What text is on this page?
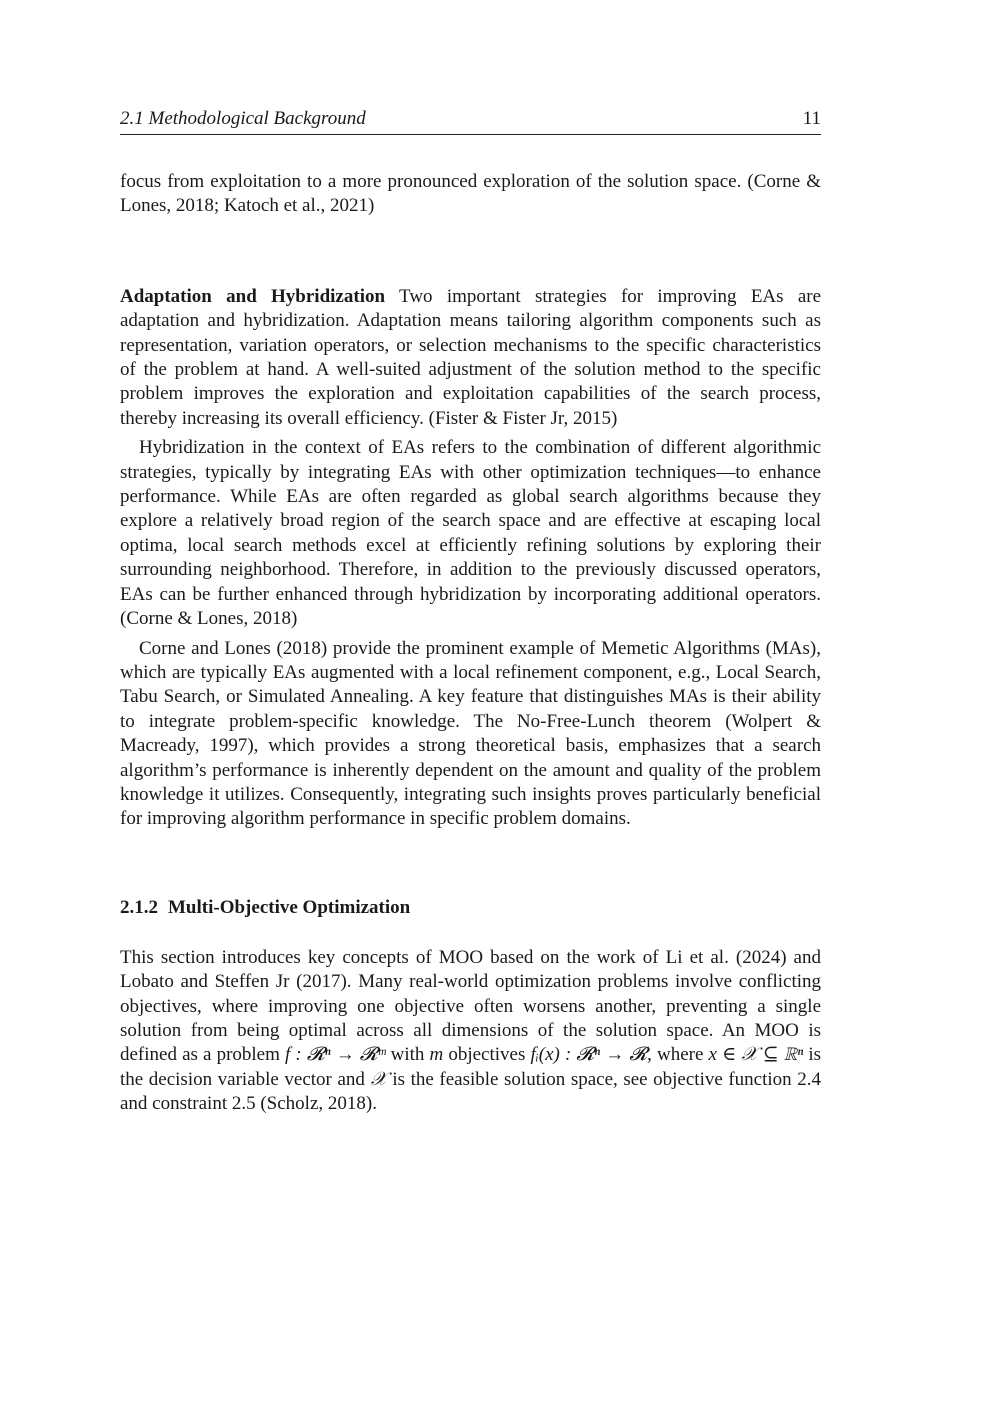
2.1 Methodological Background	11

focus from exploitation to a more pronounced exploration of the solution space. (Corne & Lones, 2018; Katoch et al., 2021)

Adaptation and Hybridization Two important strategies for improving EAs are adaptation and hybridization. Adaptation means tailoring algorithm components such as representation, variation operators, or selection mechanisms to the specific characteristics of the problem at hand. A well-suited adjustment of the solution method to the specific problem improves the exploration and exploitation capabilities of the search process, thereby increasing its overall efficiency. (Fister & Fister Jr, 2015)

Hybridization in the context of EAs refers to the combination of different algorithmic strategies, typically by integrating EAs with other optimization techniques—to enhance performance. While EAs are often regarded as global search algorithms because they explore a relatively broad region of the search space and are effective at escaping local optima, local search methods excel at efficiently refining solutions by exploring their surrounding neighborhood. Therefore, in addition to the previously discussed operators, EAs can be further enhanced through hybridization by incorporating additional operators. (Corne & Lones, 2018)

Corne and Lones (2018) provide the prominent example of Memetic Algorithms (MAs), which are typically EAs augmented with a local refinement component, e.g., Local Search, Tabu Search, or Simulated Annealing. A key feature that distinguishes MAs is their ability to integrate problem-specific knowledge. The No-Free-Lunch theorem (Wolpert & Macready, 1997), which provides a strong theoretical basis, emphasizes that a search algorithm’s performance is inherently dependent on the amount and quality of the problem knowledge it utilizes. Consequently, integrating such insights proves particularly beneficial for improving algorithm performance in specific problem domains.

2.1.2 Multi-Objective Optimization

This section introduces key concepts of MOO based on the work of Li et al. (2024) and Lobato and Steffen Jr (2017). Many real-world optimization problems involve conflicting objectives, where improving one objective often worsens another, preventing a single solution from being optimal across all dimensions of the solution space. An MOO is defined as a problem f : 𝓡ⁿ → 𝓡ᵐ with m objectives fᵢ(x) : 𝓡ⁿ → 𝓡, where x ∈ 𝒳 ⊆ ℝⁿ is the decision variable vector and 𝒳 is the feasible solution space, see objective function 2.4 and constraint 2.5 (Scholz, 2018).
